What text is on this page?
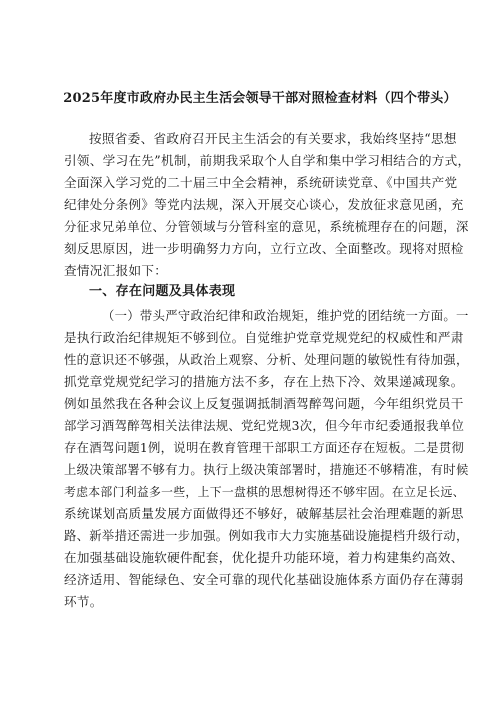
2025年度市政府办民主生活会领导干部对照检查材料（四个带头）
按照省委、省政府召开民主生活会的有关要求，我始终坚持“思想
引领、学习在先”机制，前期我采取个人自学和集中学习相结合的方式，
全面深入学习党的二十届三中全会精神，系统研读党章、《中国共产党
纪律处分条例》等党内法规，深入开展交心谈心，发放征求意见函，充
分征求兄弟单位、分管领域与分管科室的意见，系统梳理存在的问题，深
刻反思原因，进一步明确努力方向，立行立改、全面整改。现将对照检
查情况汇报如下：
一、存在问题及具体表现
（一）带头严守政治纪律和政治规矩，维护党的团结统一方面。一
是执行政治纪律规矩不够到位。自觉维护党章党规党纪的权威性和严肃
性的意识还不够强，从政治上观察、分析、处理问题的敏锐性有待加强，
抓党章党规党纪学习的措施方法不多，存在上热下冷、效果递减现象。
例如虽然我在各种会议上反复强调抵制酒驾醉驾问题，今年组织党员干
部学习酒驾醉驾相关法律法规、党纪党规3次，但今年市纪委通报我单位
存在酒驾问题1例，说明在教育管理干部职工方面还存在短板。二是贯彻
上级决策部署不够有力。执行上级决策部署时，措施还不够精准，有时候
考虑本部门利益多一些，上下一盘棋的思想树得还不够牢固。在立足长远、
系统谋划高质量发展方面做得还不够好，破解基层社会治理难题的新思
路、新举措还需进一步加强。例如我市大力实施基础设施提档升级行动，
在加强基础设施软硬件配套，优化提升功能环境，着力构建集约高效、
经济适用、智能绿色、安全可靠的现代化基础设施体系方面仍存在薄弱
环节。
